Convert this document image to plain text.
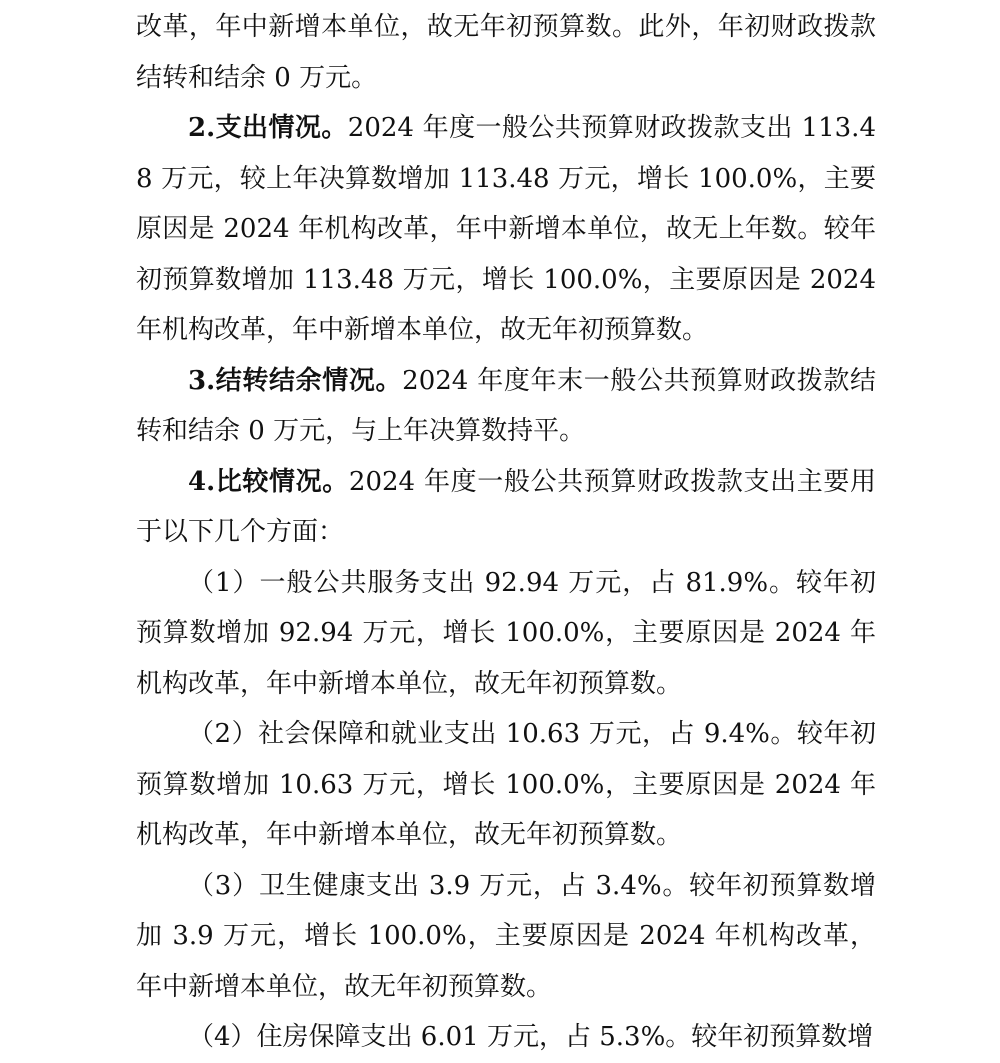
改革，年中新增本单位，故无年初预算数。此外，年初财政拨款结转和结余 0 万元。

2.支出情况。2024 年度一般公共预算财政拨款支出 113.48 万元，较上年决算数增加 113.48 万元，增长 100.0%，主要原因是 2024 年机构改革，年中新增本单位，故无上年数。较年初预算数增加 113.48 万元，增长 100.0%，主要原因是 2024 年机构改革，年中新增本单位，故无年初预算数。

3.结转结余情况。2024 年度年末一般公共预算财政拨款结转和结余 0 万元，与上年决算数持平。

4.比较情况。2024 年度一般公共预算财政拨款支出主要用于以下几个方面：

（1）一般公共服务支出 92.94 万元，占 81.9%。较年初预算数增加 92.94 万元，增长 100.0%，主要原因是 2024 年机构改革，年中新增本单位，故无年初预算数。

（2）社会保障和就业支出 10.63 万元，占 9.4%。较年初预算数增加 10.63 万元，增长 100.0%，主要原因是 2024 年机构改革，年中新增本单位，故无年初预算数。

（3）卫生健康支出 3.9 万元，占 3.4%。较年初预算数增加 3.9 万元，增长 100.0%，主要原因是 2024 年机构改革，年中新增本单位，故无年初预算数。

（4）住房保障支出 6.01 万元，占 5.3%。较年初预算数增
